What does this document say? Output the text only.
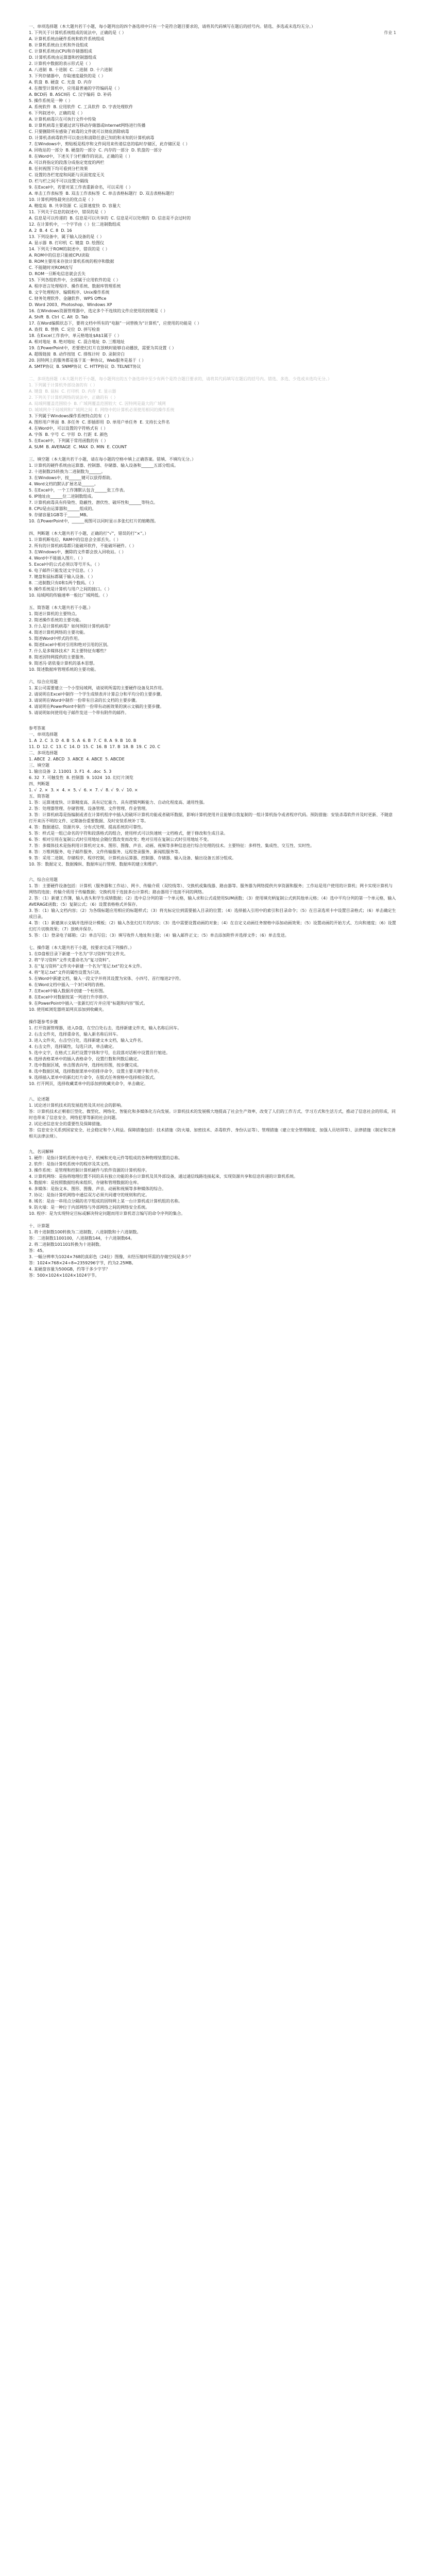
作业 1
一、单项选择题（本大题共若干小题，每小题列出的四个备选项中只有一个是符合题目要求的，请将其代码填写在题后的括号内。错选、多选或未选均无分。）
1. 下列关于计算机系统组成的说法中，正确的是（ ）
A. 计算机系统由硬件系统和软件系统组成
B. 计算机系统由主机和外设组成
C. 计算机系统由CPU和存储器组成
D. 计算机系统由运算器和控制器组成
2. 计算机中数据的表示形式是（ ）
A. 八进制  B. 十进制  C. 二进制  D. 十六进制
3. 下列存储器中，存取速度最快的是（ ）
A. 软盘  B. 硬盘  C. 光盘  D. 内存
4. 在微型计算机中，应用最普遍的字符编码是（ ）
A. BCD码  B. ASCII码  C. 汉字编码  D. 补码
5. 操作系统是一种（ ）
A. 系统软件  B. 应用软件  C. 工具软件  D. 字表处理软件
6. 下列叙述中，正确的是（ ）
A. 计算机病毒只在可执行文件中传染
B. 计算机病毒主要通过读写移动存储器或Internet网络进行传播
C. 只要删除所有感染了病毒的文件就可以彻底消除病毒
D. 计算机杀病毒软件可以查出和清除任意已知的和未知的计算机病毒
7. 在Windows中，剪贴板是程序和文件间用来传递信息的临时存储区，此存储区是（ ）
A. 回收站的一部分  B. 硬盘的一部分  C. 内存的一部分  D. 软盘的一部分
8. 在Word中，下述关于分栏操作的说法，正确的是（ ）
A. 可以将指定的段落分成指定宽度的两栏
B. 任何视图下均可看到分栏效果
C. 设置的各栏宽度和间距与页面宽度无关
D. 栏与栏之间不可以设置分隔线
9. 在Excel中，若要对某工作表重新命名，可以采用（ ）
A. 单击工作表标签  B. 双击工作表标签  C. 单击表格标题行  D. 双击表格标题行
10. 计算机网络最突出的优点是（ ）
A. 精度高  B. 共享资源  C. 运算速度快  D. 容量大
11. 下列关于信息的叙述中，错误的是（ ）
A. 信息是可以传递的  B. 信息是可以共享的  C. 信息是可以处理的  D. 信息是不会过时的
12. 在计算机中，一个字节由（ ）位二进制数组成
A. 2  B. 4  C. 8  D. 16
13. 下列设备中，属于输入设备的是（ ）
A. 显示器  B. 打印机  C. 键盘  D. 绘图仪
14. 下列关于ROM的叙述中，错误的是（ ）
A. ROM中的信息只能被CPU读取
B. ROM主要用来存放计算机系统的程序和数据
C. 不能随时对ROM改写
D. ROM一旦断电信息就会丢失
15. 下列各组软件中，全部属于应用软件的是（ ）
A. 程序语言处理程序、操作系统、数据库管理系统
B. 文字处理程序、编辑程序、Unix操作系统
C. 财务处理软件、金融软件、WPS Office
D. Word 2003、Photoshop、Windows XP
16. 在Windows资源管理器中，选定多个不连续的文件应使用的按键是（ ）
A. Shift  B. Ctrl  C. Alt  D. Tab
17. 在Word编辑状态下，要将文档中所有的“电脑”一词替换为“计算机”，应使用的功能是（ ）
A. 查找  B. 替换  C. 定位  D. 拼写检查
18. 在Excel工作表中，单元格地址$A$1属于（ ）
A. 相对地址  B. 绝对地址  C. 混合地址  D. 三维地址
19. 在PowerPoint中，若要使幻灯片在放映时能够自动播放，需要为其设置（ ）
A. 超级链接  B. 动作按钮  C. 排练计时  D. 录制旁白
20. 因特网上的服务都是基于某一种协议，Web服务是基于（ ）
A. SMTP协议  B. SNMP协议  C. HTTP协议  D. TELNET协议
二、多项选择题（本大题共若干小题，每小题列出的五个备选项中至少有两个是符合题目要求的，请将其代码填写在题后的括号内。错选、多选、少选或未选均无分。）
1. 下列属于计算机外部设备的有（ ）
A. 键盘  B. 鼠标  C. 打印机  D. 内存  E. 显示器
2. 下列关于计算机网络的说法中，正确的有（ ）
A. 局域网覆盖范围较小  B. 广域网覆盖范围较大  C. 因特网是最大的广域网
D. 城域网介于局域网和广域网之间  E. 网络中的计算机必须使用相同的操作系统
3. 下列属于Windows操作系统特点的有（ ）
A. 图形用户界面  B. 多任务  C. 即插即用  D. 单用户单任务  E. 支持长文件名
4. 在Word中，可以设置的字符格式有（ ）
A. 字体  B. 字号  C. 字形  D. 行距  E. 颜色
5. 在Excel中，下列属于常用函数的有（ ）
A. SUM  B. AVERAGE  C. MAX  D. MIN  E. COUNT
三、填空题（本大题共若干小题，请在每小题的空格中填上正确答案。错填、不填均无分。）
1. 计算机的硬件系统由运算器、控制器、存储器、输入设备和______五部分组成。
2. 十进制数25转换为二进制数为______。
3. 在Windows中，按______键可以获得帮助。
4. Word文档的默认扩展名是______。
5. 在Excel中，一个工作簿默认包含______张工作表。
6. IP地址由______位二进制数组成。
7. 计算机病毒具有传染性、隐蔽性、潜伏性、破坏性和______等特点。
8. CPU是由运算器和______组成的。
9. 存储容量1GB等于______MB。
10. 在PowerPoint中，______视图可以同时显示多张幻灯片的缩略图。
四、判断题（本大题共若干小题，正确的打“√”，错误的打“×”。）
1. 计算机断电后，RAM中的信息会全部丢失。（ ）
2. 所有的计算机病毒都只能破坏软件，不能破坏硬件。（ ）
3. 在Windows中，删除的文件都会放入回收站。（ ）
4. Word中不能插入图片。（ ）
5. Excel中的公式必须以等号开头。（ ）
6. 电子邮件只能发送文字信息。（ ）
7. 键盘和鼠标都属于输入设备。（ ）
8. 二进制数只有0和1两个数码。（ ）
9. 操作系统是计算机与用户之间的接口。（ ）
10. 局域网的传输速率一般比广域网低。（ ）
五、简答题（本大题共若干小题。）
1. 简述计算机的主要特点。
2. 简述操作系统的主要功能。
3. 什么是计算机病毒？如何预防计算机病毒？
4. 简述计算机网络的主要功能。
5. 简述Word中样式的作用。
6. 简述Excel中相对引用和绝对引用的区别。
7. 什么是多媒体技术？其主要特征有哪些？
8. 简述因特网提供的主要服务。
9. 简述冯·诺依曼计算机的基本思想。
10. 简述数据库管理系统的主要功能。
六、综合应用题
1. 某公司需要建立一个小型局域网，请说明所需的主要硬件设备及其作用。
2. 请说明在Excel中制作一个学生成绩表并计算总分和平均分的主要步骤。
3. 请说明在Word中制作一份带有目录的长文档的主要步骤。
4. 请说明在PowerPoint中制作一份带有动画效果的演示文稿的主要步骤。
5. 请说明如何使用电子邮件发送一个带有附件的邮件。
参考答案
一、单项选择题
1. A  2. C  3. D  4. B  5. A  6. B  7. C  8. A  9. B  10. B
11. D  12. C  13. C  14. D  15. C  16. B  17. B  18. B  19. C  20. C
二、多项选择题
1. ABCE  2. ABCD  3. ABCE  4. ABCE  5. ABCDE
三、填空题
1. 输出设备  2. 11001  3. F1  4. .doc  5. 3
6. 32  7. 可触发性  8. 控制器  9. 1024  10. 幻灯片浏览
四、判断题
1. √  2. ×  3. ×  4. ×  5. √  6. ×  7. √  8. √  9. √  10. ×
五、简答题
1. 答：运算速度快、计算精度高、具有记忆能力、具有逻辑判断能力、自动化程度高、通用性强。
2. 答：处理器管理、存储管理、设备管理、文件管理、作业管理。
3. 答：计算机病毒是指编制或者在计算机程序中插入的破坏计算机功能或者破坏数据，影响计算机使用并且能够自我复制的一组计算机指令或者程序代码。预防措施：安装杀毒软件并及时更新、不随意打开来历不明的文件、定期备份重要数据、及时安装系统补丁等。
4. 答：数据通信、资源共享、分布式处理、提高系统的可靠性。
5. 答：样式是一组已命名的字符和段落格式的组合，使用样式可以快速统一文档格式，便于修改和生成目录。
6. 答：相对引用在复制公式时引用地址会随位置改变而改变；绝对引用在复制公式时引用地址不变。
7. 答：多媒体技术是指利用计算机对文本、图形、图像、声音、动画、视频等多种信息进行综合处理的技术。主要特征：多样性、集成性、交互性、实时性。
8. 答：万维网服务、电子邮件服务、文件传输服务、远程登录服务、新闻组服务等。
9. 答：采用二进制、存储程序、程序控制，计算机由运算器、控制器、存储器、输入设备、输出设备五部分组成。
10. 答：数据定义、数据操纵、数据库运行管理、数据库的建立和维护。
六、综合应用题
1. 答：主要硬件设备包括：计算机（服务器和工作站）、网卡、传输介质（双绞线等）、交换机或集线器、路由器等。服务器为网络提供共享资源和服务；工作站是用户使用的计算机；网卡实现计算机与网络的连接；传输介质用于传输数据；交换机用于连接多台计算机；路由器用于连接不同的网络。
2. 答：（1）新建工作簿，输入表头和学生成绩数据；（2）选中总分列的第一个单元格，输入求和公式或使用SUM函数；（3）使用填充柄复制公式到其他单元格；（4）选中平均分列的第一个单元格，输入AVERAGE函数；（5）复制公式；（6）设置表格格式并保存。
3. 答：（1）输入文档内容；（2）为各级标题应用相应的标题样式；（3）将光标定位到需要插入目录的位置；（4）选择插入引用中的索引和目录命令；（5）在目录选项卡中设置目录格式；（6）单击确定生成目录。
4. 答：（1）新建演示文稿并选择设计模板；（2）输入各张幻灯片的内容；（3）选中需要设置动画的对象；（4）在自定义动画任务窗格中添加动画效果；（5）设置动画的开始方式、方向和速度；（6）设置幻灯片切换效果；（7）放映并保存。
5. 答：（1）登录电子邮箱；（2）单击写信；（3）填写收件人地址和主题；（4）输入邮件正文；（5）单击添加附件并选择文件；（6）单击发送。
七、操作题（本大题共若干小题，按要求完成下列操作。）
1. 在D盘根目录下新建一个名为“学习资料”的文件夹。
2. 将“学习资料”文件夹重命名为“复习资料”。
3. 在“复习资料”文件夹中新建一个名为“笔记.txt”的文本文件。
4. 将“笔记.txt”文件的属性设置为只读。
5. 在Word中新建文档，输入一段文字并将其设置为宋体、小四号、首行缩进2字符。
6. 在Word文档中插入一个3行4列的表格。
7. 在Excel中输入数据并创建一个柱形图。
8. 在Excel中对数据按某一列进行升序排序。
9. 在PowerPoint中插入一张新幻灯片并应用“标题和内容”版式。
10. 使用IE浏览器将某网页添加到收藏夹。
操作题参考步骤
1. 打开资源管理器，进入D盘，在空白处右击，选择新建文件夹，输入名称后回车。
2. 右击文件夹，选择重命名，输入新名称后回车。
3. 进入文件夹，右击空白处，选择新建文本文档，输入文件名。
4. 右击文件，选择属性，勾选只读，单击确定。
5. 选中文字，在格式工具栏设置字体和字号，在段落对话框中设置首行缩进。
6. 选择表格菜单中的插入表格命令，设置行数和列数后确定。
7. 选中数据区域，单击图表向导，选择柱形图，按步骤完成。
8. 选中数据区域，选择数据菜单中的排序命令，设置主要关键字和升序。
9. 选择插入菜单中的新幻灯片命令，在版式任务窗格中选择相应版式。
10. 打开网页，选择收藏菜单中的添加到收藏夹命令，单击确定。
八、论述题
1. 试论述计算机技术的发展趋势及其对社会的影响。
答：计算机技术正朝着巨型化、微型化、网络化、智能化和多媒体化方向发展。计算机技术的发展极大地提高了社会生产效率，改变了人们的工作方式、学习方式和生活方式，推动了信息社会的形成，同时也带来了信息安全、网络犯罪等新的社会问题。
2. 试论述信息安全的重要性及保障措施。
答：信息安全关系到国家安全、社会稳定和个人利益。保障措施包括：技术措施（防火墙、加密技术、杀毒软件、身份认证等）、管理措施（建立安全管理制度、加强人员培训等）、法律措施（制定和完善相关法律法规）。
九、名词解释
1. 硬件：是指计算机系统中由电子、机械和光电元件等组成的各种物理装置的总称。
2. 软件：是指计算机系统中的程序及其文档。
3. 操作系统：是管理和控制计算机硬件与软件资源的计算机程序。
4. 计算机网络：是指将地理位置不同的具有独立功能的多台计算机及其外部设备，通过通信线路连接起来，实现资源共享和信息传递的计算机系统。
5. 数据库：是按照数据结构来组织、存储和管理数据的仓库。
6. 多媒体：是指文本、图形、图像、声音、动画和视频等多种媒体的综合。
7. 协议：是指计算机网络中通信双方必须共同遵守的规则和约定。
8. 域名：是由一串用点分隔的名字组成的因特网上某一台计算机或计算机组的名称。
9. 防火墙：是一种位于内部网络与外部网络之间的网络安全系统。
10. 程序：是为实现特定目标或解决特定问题而用计算机语言编写的命令序列的集合。
十、计算题
1. 将十进制数100转换为二进制数、八进制数和十六进制数。
答：二进制数1100100，八进制数144，十六进制数64。
2. 将二进制数101101转换为十进制数。
答：45。
3. 一幅分辨率为1024×768的真彩色（24位）图像，未经压缩时所需的存储空间是多少？
答：1024×768×24÷8=2359296字节，约为2.25MB。
4. 某硬盘容量为500GB，约等于多少字节？
答：500×1024×1024×1024字节。
